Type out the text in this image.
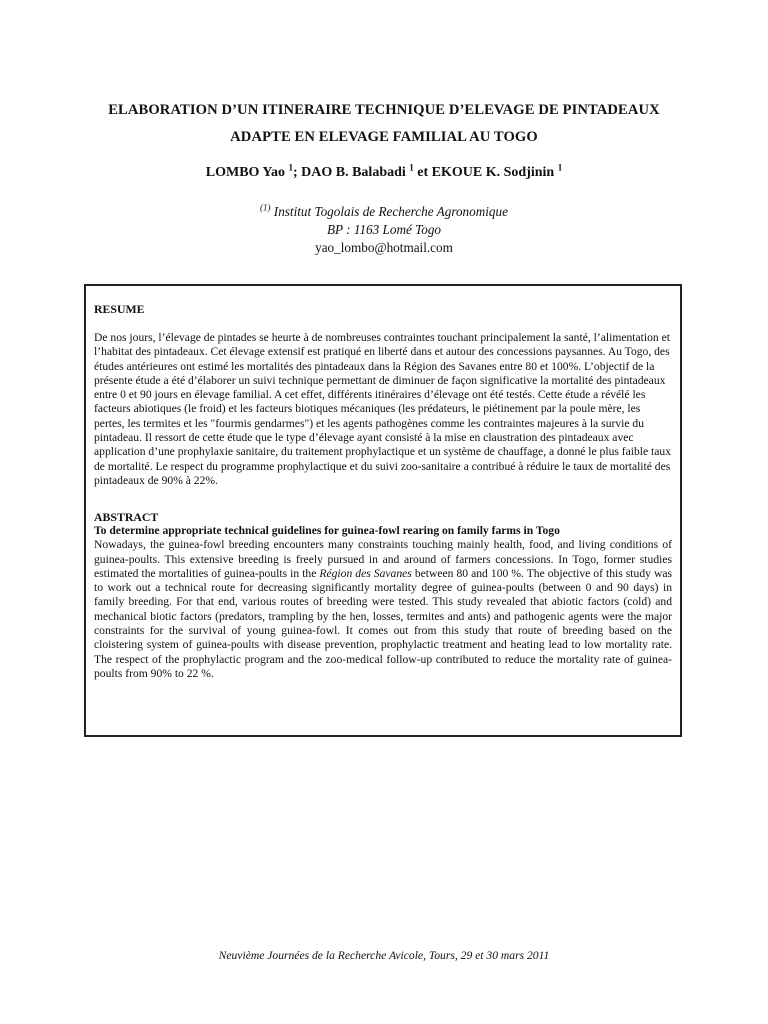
ELABORATION D’UN ITINERAIRE TECHNIQUE D’ELEVAGE DE PINTADEAUX
ADAPTE EN ELEVAGE FAMILIAL AU TOGO
LOMBO Yao $^1$; DAO B. Balabadi $^1$ et EKOUE K. Sodjinin $^1$
$^{(1)}$ Institut Togolais de Recherche Agronomique
BP : 1163 Lomé Togo
yao_lombo@hotmail.com
RESUME
De nos jours, l’élevage de pintades se heurte à de nombreuses contraintes touchant principalement la santé, l’alimentation et l’habitat des pintadeaux. Cet élevage extensif est pratiqué en liberté dans et autour des concessions paysannes. Au Togo, des études antérieures ont estimé les mortalités des pintadeaux dans la Région des Savanes entre 80 et 100%. L’objectif de la présente étude a été d’élaborer un suivi technique permettant de diminuer de façon significative la mortalité des pintadeaux entre 0 et 90 jours en élevage familial. A cet effet, différents itinéraires d’élevage ont été testés. Cette étude a révélé les facteurs abiotiques (le froid) et les facteurs biotiques mécaniques (les prédateurs, le piétinement par la poule mère, les pertes, les termites et les "fourmis gendarmes") et les agents pathogènes comme les contraintes majeures à la survie du pintadeau. Il ressort de cette étude que le type d’élevage ayant consisté à la mise en claustration des pintadeaux avec application d’une prophylaxie sanitaire, du traitement prophylactique et un système de chauffage, a donné le plus faible taux de mortalité. Le respect du programme prophylactique et du suivi zoo-sanitaire a contribué à réduire le taux de mortalité des pintadeaux de 90% à 22%.
ABSTRACT
To determine appropriate technical guidelines for guinea-fowl rearing on family farms in Togo
Nowadays, the guinea-fowl breeding encounters many constraints touching mainly health, food, and living conditions of guinea-poults. This extensive breeding is freely pursued in and around of farmers concessions. In Togo, former studies estimated the mortalities of guinea-poults in the Région des Savanes between 80 and 100 %. The objective of this study was to work out a technical route for decreasing significantly mortality degree of guinea-poults (between 0 and 90 days) in family breeding. For that end, various routes of breeding were tested. This study revealed that abiotic factors (cold) and mechanical biotic factors (predators, trampling by the hen, losses, termites and ants) and pathogenic agents were the major constraints for the survival of young guinea-fowl. It comes out from this study that route of breeding based on the cloistering system of guinea-poults with disease prevention, prophylactic treatment and heating lead to low mortality rate. The respect of the prophylactic program and the zoo-medical follow-up contributed to reduce the mortality rate of guinea-poults from 90% to 22 %.
Neuvième Journées de la Recherche Avicole, Tours, 29 et 30 mars 2011
